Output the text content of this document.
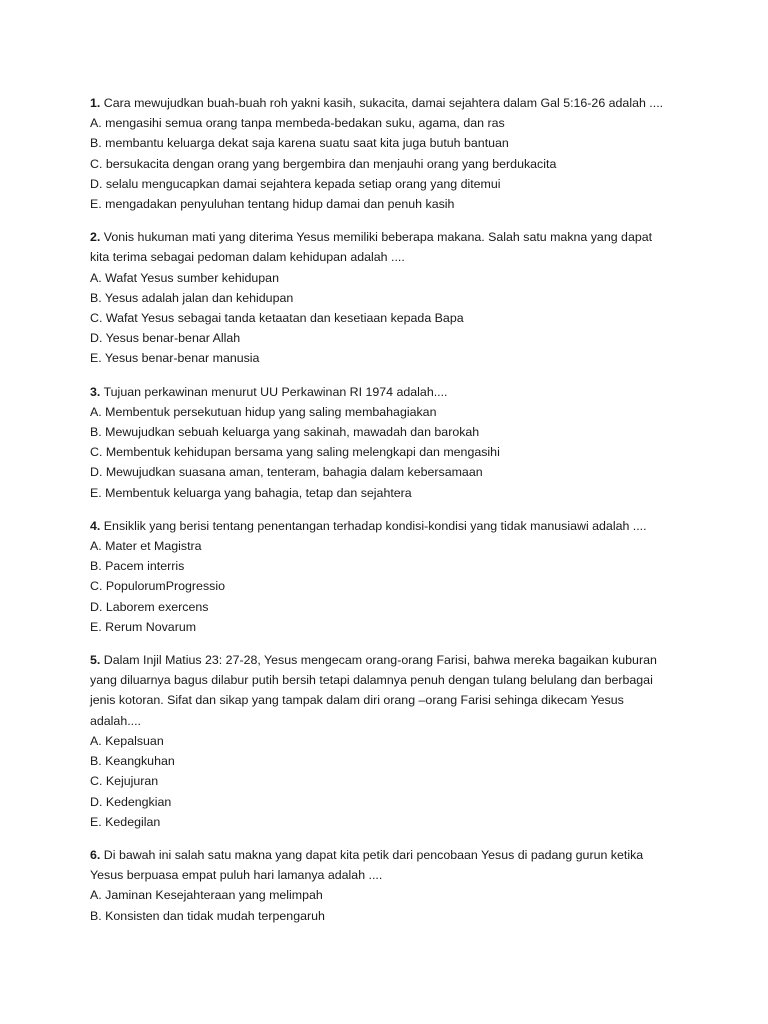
1. Cara mewujudkan buah-buah roh yakni kasih, sukacita, damai sejahtera dalam Gal 5:16-26 adalah ....
A. mengasihi semua orang tanpa membeda-bedakan suku, agama, dan ras
B. membantu keluarga dekat saja karena suatu saat kita juga butuh bantuan
C. bersukacita dengan orang yang bergembira dan menjauhi orang yang berdukacita
D. selalu mengucapkan damai sejahtera kepada setiap orang yang ditemui
E. mengadakan penyuluhan tentang hidup damai dan penuh kasih
2. Vonis hukuman mati yang diterima Yesus memiliki beberapa makana. Salah satu makna yang dapat
kita terima sebagai pedoman dalam kehidupan adalah ....
A. Wafat Yesus sumber kehidupan
B. Yesus adalah jalan dan kehidupan
C. Wafat Yesus sebagai tanda ketaatan dan kesetiaan kepada Bapa
D. Yesus benar-benar Allah
E. Yesus benar-benar manusia
3. Tujuan perkawinan menurut UU Perkawinan RI 1974 adalah....
A. Membentuk persekutuan hidup yang saling membahagiakan
B. Mewujudkan sebuah keluarga yang sakinah, mawadah dan barokah
C. Membentuk kehidupan bersama yang saling melengkapi dan mengasihi
D. Mewujudkan suasana aman, tenteram, bahagia dalam kebersamaan
E. Membentuk keluarga yang bahagia, tetap dan sejahtera
4. Ensiklik yang berisi tentang penentangan terhadap kondisi-kondisi yang tidak manusiawi adalah ....
A. Mater et Magistra
B. Pacem interris
C. PopulorumProgressio
D. Laborem exercens
E. Rerum Novarum
5. Dalam Injil Matius 23: 27-28, Yesus mengecam orang-orang Farisi, bahwa mereka bagaikan kuburan
yang diluarnya bagus dilabur putih bersih tetapi dalamnya penuh dengan tulang belulang dan berbagai
jenis kotoran. Sifat dan sikap yang tampak dalam diri orang –orang Farisi sehinga dikecam Yesus
adalah....
A. Kepalsuan
B. Keangkuhan
C. Kejujuran
D. Kedengkian
E. Kedegilan
6. Di bawah ini salah satu makna yang dapat kita petik dari pencobaan Yesus di padang gurun ketika
Yesus berpuasa empat puluh hari lamanya adalah ....
A. Jaminan Kesejahteraan yang melimpah
B. Konsisten dan tidak mudah terpengaruh
